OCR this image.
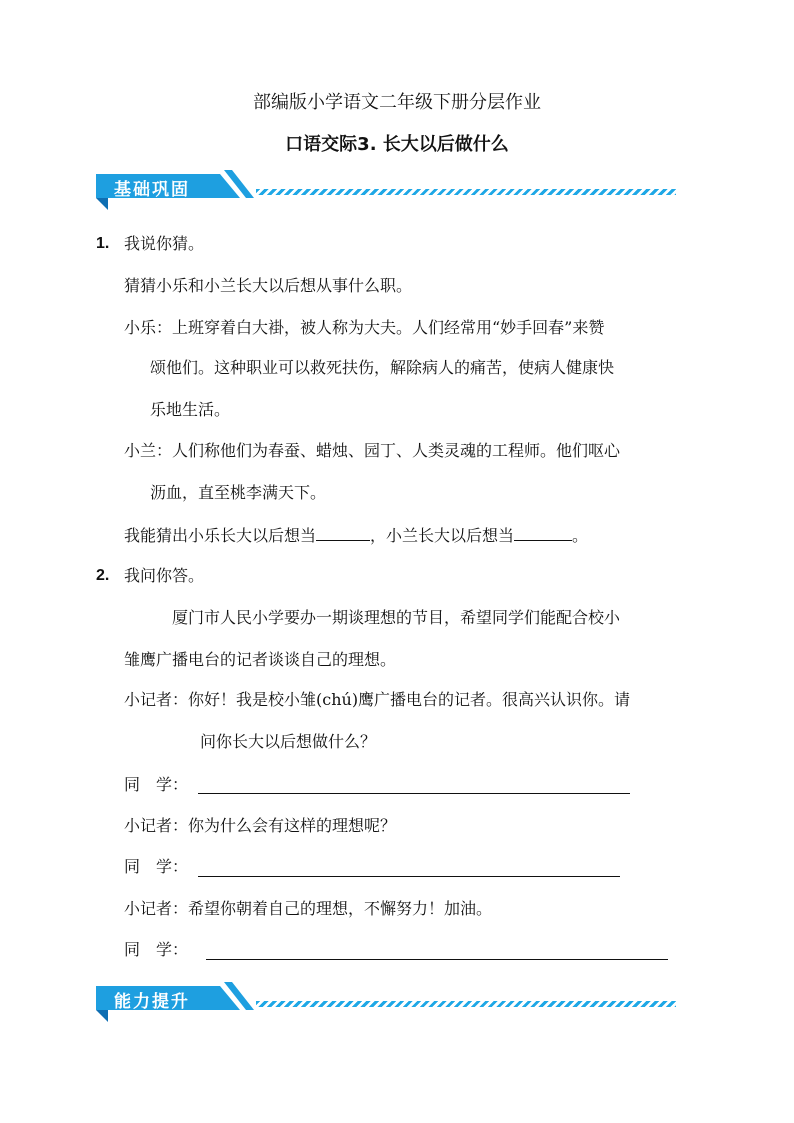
部编版小学语文二年级下册分层作业
口语交际3. 长大以后做什么
基础巩固
1. 我说你猜。
猜猜小乐和小兰长大以后想从事什么职。
小乐：上班穿着白大褂，被人称为大夫。人们经常用“妙手回春”来赞
颂他们。这种职业可以救死扶伤，解除病人的痛苦，使病人健康快
乐地生活。
小兰：人们称他们为春蚕、蜡烛、园丁、人类灵魂的工程师。他们呕心
沥血，直至桃李满天下。
我能猜出小乐长大以后想当	，小兰长大以后想当	。
2. 我问你答。
厦门市人民小学要办一期谈理想的节目，希望同学们能配合校小
雏鹰广播电台的记者谈谈自己的理想。
小记者：你好！我是校小雏(chú)鹰广播电台的记者。很高兴认识你。请
问你长大以后想做什么？
同　学：
小记者：你为什么会有这样的理想呢？
同　学：
小记者：希望你朝着自己的理想，不懈努力！加油。
同　学：
能力提升
